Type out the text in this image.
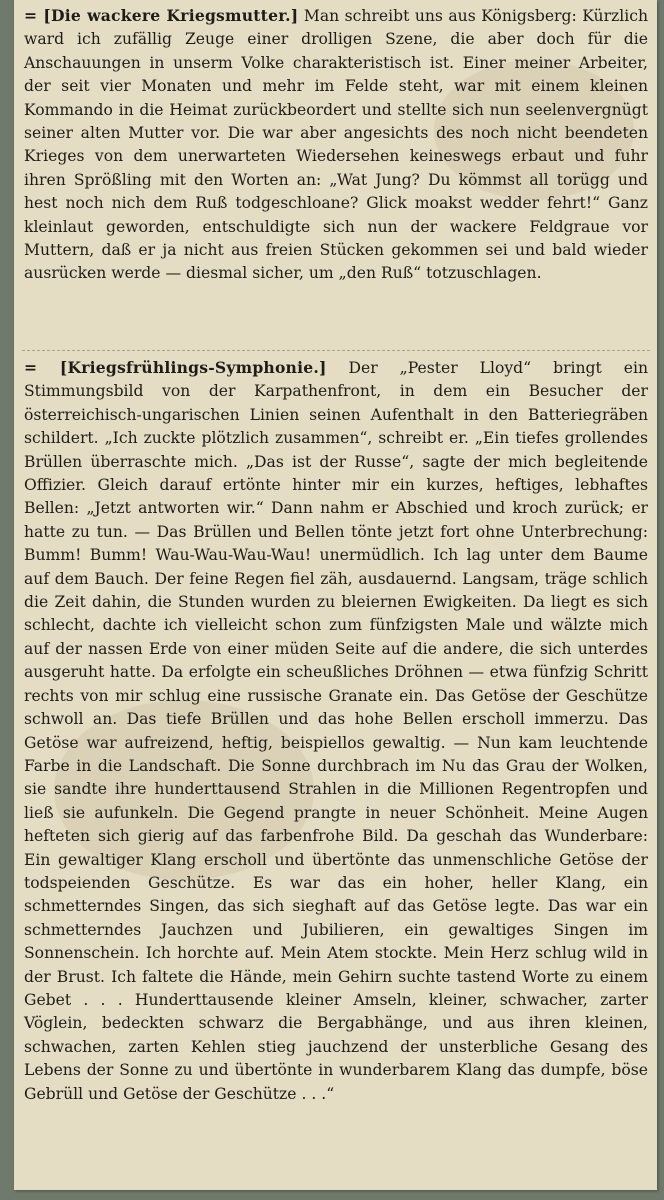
= [Die wackere Kriegsmutter.] Man schreibt uns aus Königsberg: Kürzlich ward ich zufällig Zeuge einer drolligen Szene, die aber doch für die Anschauungen in unserm Volke charakteristisch ist. Einer meiner Arbeiter, der seit vier Monaten und mehr im Felde steht, war mit einem kleinen Kommando in die Heimat zurückbeordert und stellte sich nun seelenvergnügt seiner alten Mutter vor. Die war aber angesichts des noch nicht beendeten Krieges von dem unerwarteten Wiedersehen keineswegs erbaut und fuhr ihren Sprößling mit den Worten an: „Wat Jung? Du kömmst all torügg und hest noch nich dem Ruß todgeschloane? Glick moakst wedder fehrt!“ Ganz kleinlaut geworden, entschuldigte sich nun der wackere Feldgraue vor Muttern, daß er ja nicht aus freien Stücken gekommen sei und bald wieder ausrücken werde — diesmal sicher, um „den Ruß“ totzuschlagen.

= [Kriegsfrühlings-Symphonie.] Der „Pester Lloyd“ bringt ein Stimmungsbild von der Karpathenfront, in dem ein Besucher der österreichisch-ungarischen Linien seinen Aufenthalt in den Batteriegräben schildert. „Ich zuckte plötzlich zusammen“, schreibt er. „Ein tiefes grollendes Brüllen überraschte mich. „Das ist der Russe“, sagte der mich begleitende Offizier. Gleich darauf ertönte hinter mir ein kurzes, heftiges, lebhaftes Bellen: „Jetzt antworten wir.“ Dann nahm er Abschied und kroch zurück; er hatte zu tun. — Das Brüllen und Bellen tönte jetzt fort ohne Unterbrechung: Bumm! Bumm! Wau-Wau-Wau-Wau! unermüdlich. Ich lag unter dem Baume auf dem Bauch. Der feine Regen fiel zäh, ausdauernd. Langsam, träge schlich die Zeit dahin, die Stunden wurden zu bleiernen Ewigkeiten. Da liegt es sich schlecht, dachte ich vielleicht schon zum fünfzigsten Male und wälzte mich auf der nassen Erde von einer müden Seite auf die andere, die sich unterdes ausgeruht hatte. Da erfolgte ein scheußliches Dröhnen — etwa fünfzig Schritt rechts von mir schlug eine russische Granate ein. Das Getöse der Geschütze schwoll an. Das tiefe Brüllen und das hohe Bellen erscholl immerzu. Das Getöse war aufreizend, heftig, beispiellos gewaltig. — Nun kam leuchtende Farbe in die Landschaft. Die Sonne durchbrach im Nu das Grau der Wolken, sie sandte ihre hunderttausend Strahlen in die Millionen Regentropfen und ließ sie aufunkeln. Die Gegend prangte in neuer Schönheit. Meine Augen hefteten sich gierig auf das farbenfrohe Bild. Da geschah das Wunderbare: Ein gewaltiger Klang erscholl und übertönte das unmenschliche Getöse der todspeienden Geschütze. Es war das ein hoher, heller Klang, ein schmetterndes Singen, das sich sieghaft auf das Getöse legte. Das war ein schmetterndes Jauchzen und Jubilieren, ein gewaltiges Singen im Sonnenschein. Ich horchte auf. Mein Atem stockte. Mein Herz schlug wild in der Brust. Ich faltete die Hände, mein Gehirn suchte tastend Worte zu einem Gebet . . . Hunderttausende kleiner Amseln, kleiner, schwacher, zarter Vöglein, bedeckten schwarz die Bergabhänge, und aus ihren kleinen, schwachen, zarten Kehlen stieg jauchzend der unsterbliche Gesang des Lebens der Sonne zu und übertönte in wunderbarem Klang das dumpfe, böse Gebrüll und Getöse der Geschütze . . .“
